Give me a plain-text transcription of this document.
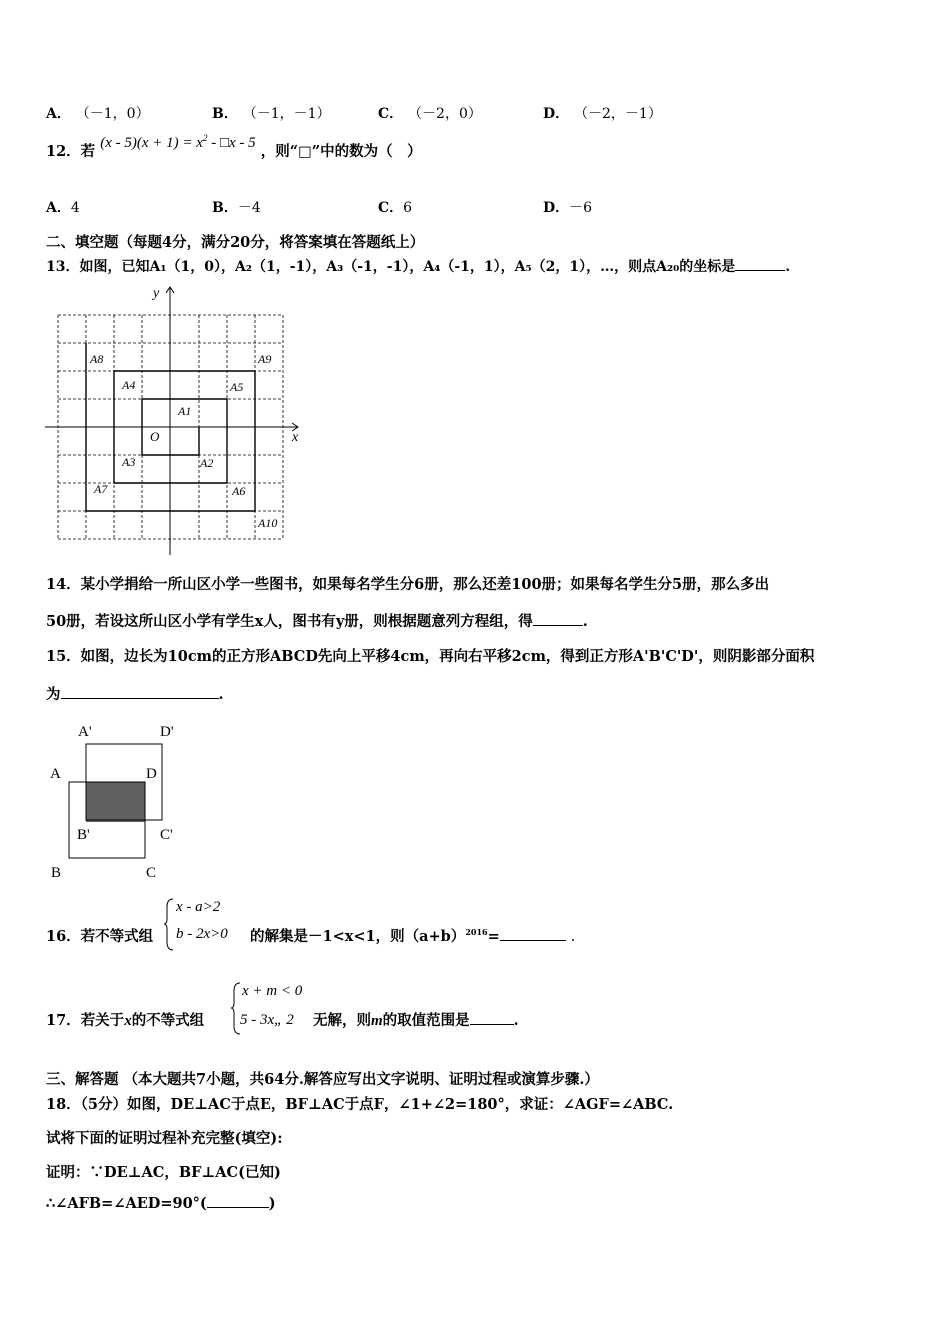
A． （－1，0）	B． （－1，－1）	C． （－2，0）	D． （－2，－1）
12．若 $(x - 5)(x + 1) = x^2$ - □x - 5 ，则“□”中的数为（　）
A．4	B．－4	C．6	D．－6
二、填空题（每题4分，满分20分，将答案填在答题纸上）
13．如图，已知A₁（1，0），A₂（1，-1），A₃（-1，-1），A₄（-1，1），A₅（2，1），…，则点A₂₀的坐标是	.
x
y
O
A1
A2
A3
A4	A5
A6
A7
A8	A9
A10
14．某小学捐给一所山区小学一些图书，如果每名学生分6册，那么还差100册；如果每名学生分5册，那么多出
50册，若设这所山区小学有学生x人，图书有y册，则根据题意列方程组，得	.
15．如图，边长为10cm的正方形ABCD先向上平移4cm，再向右平移2cm，得到正方形A'B'C'D'，则阴影部分面积
为	.
A'	D'
A	D
B'	C'
B	C
16．若不等式组
x - a>2
b - 2x>0 的解集是－1<x<1，则$(a+b)^{2016}=$	.
17．若关于x的不等式组
x + m < 0
5 - 3x„ 2 无解，则m的取值范围是	.
三、解答题 （本大题共7小题，共64分.解答应写出文字说明、证明过程或演算步骤.）
18．（5分）如图，DE⊥AC于点E，BF⊥AC于点F，∠1+∠2=180°，求证：∠AGF=∠ABC.
试将下面的证明过程补充完整(填空):
证明：∵DE⊥AC，BF⊥AC(已知)
∴∠AFB=∠AED=90°(	)
